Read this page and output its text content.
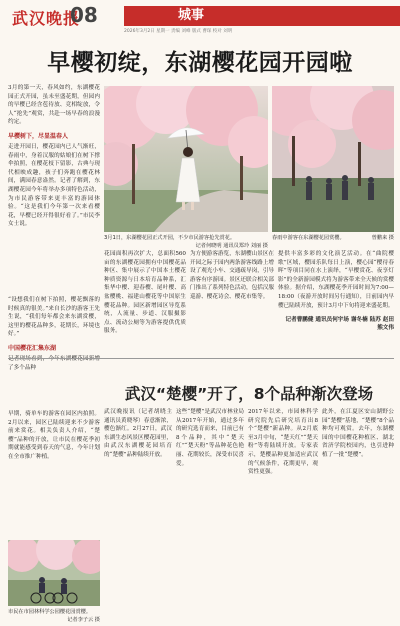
武汉晚报
08	城事
2026年3月2日 星期一 责编 刘峰 版式 曹琛 校对 刘明
早樱初绽，东湖樱花园开园啦

3月的第一天，春风如约，东湖樱花园正式开园，虽未至盛花期，但园内的早樱已经含苞待放、竞相绽放，令人“抢先”观赏，共赴一场早春的浪漫约定。

早樱树下，尽显温春人

走进开园日，樱花园内已人气渐旺，春雨中，身着汉服的姑娘们在树下撑伞拍照，在樱花枝下留影，古典与现代相映成趣，孩子们奔跑在樱花林间，满园春意盎然。记者了解到，东湖樱花园今年将举办多项特色活动，为市民游客带来更丰富的游园体验。“这是我们今年第一次来看樱花，早樱已经开得很好看了。”市民李女士说。

3月1日，东湖樱花园正式开园，不少市民游客抢先赏花。
记者何晓明 通讯员郑玲 刘丽 摄
春雨中游客在东湖樱花园赏樱。	曾鹏来 摄

花园面积再次扩大，总面积560亩的东湖樱花园拥有中国樱花品种区、集中展示了中国本土樱花种质资源与日本培育品种系，汇集华中樱、迎春樱、尾叶樱、高盆樱桃、福建山樱花等中国原生樱花品种。园区新增园区导览系统，人流量、步道、汉服摄影点、流动公厕等为游客提供优质服务。

为方便游客游览，东湖樱山景区在开园之际于园内两条游客线路上增设了观光小车、交通疏导岗，引导游客有序游园。景区还联合相关部门推出了系列特色活动，包括汉服巡游、樱花诗会、樱花市集等。

提供丰富多彩的文化演艺活动。在“曲院樱歌”区域，樱园乐队每日上演，樱心园“樱待春晖”等项目同在水上演绎，“早樱赏花、夜享灯影”的全新游园模式将为游客带来全天候的赏樱体验。据介绍，东湖樱花季开园时间为7:00—18:00（夜游开放时间另行通知），日前园内早樱已陆续开放，预计3月中下旬将迎来盛花期。

记者曹鹏健 通讯员何宇场 谢冬楠 陆苏 赵田 熊文伟

“设想我们在树下拍照，樱花飘落的时候真的很美。”来自长沙的游客王先生说，“我们每年都会来东湖赏樱，这里的樱花品种多，花期长，环境也好。”

中国樱花汇集东湖

记者现场看到，今年东湖樱花园新增了多个品种

武汉“楚樱”开了，8个品种渐次登场

武汉晚报讯（记者胡晓主 通讯员黄晓琴）春意渐浓，樱色渐红。2月27日，武汉东湖生态风景区樱花园里，由武汉东湖樱花园培育的“楚樱”品种陆续开放。

这些“楚樱”是武汉市林业局从2017年开始，通过多年的研究选育而来，目前已有8个品种，其中“楚天红”“楚天粉”等品种花色艳丽、花期较长，深受市民喜爱。

2017年以来，市园林科学研究院先后研究培育出8个“楚樱”新品种。从2月底至3月中旬，“楚天红”“楚天粉”等将陆续开放。专家表示，楚樱品种更加适应武汉的气候条件，花期更早，观赏性更强。

此外，在江夏区安山湖野公园“楚樱”基地，“楚樱”8个品种均可观赏。去年，东湖樱园的中国樱花种植区、湖北省济学院校园内，也引进种植了一批“楚樱”。

早期，骑单车的游客在园区内拍照。2月以来，园区已陆续迎来不少游客前来赏花。相关负责人介绍，“楚樱”品种的开放，让市民在樱花季初期就能感受到春天的气息，今年计划在全市推广种植。

市民在市园林科学公园樱花园赏樱。
记者李子云 摄
